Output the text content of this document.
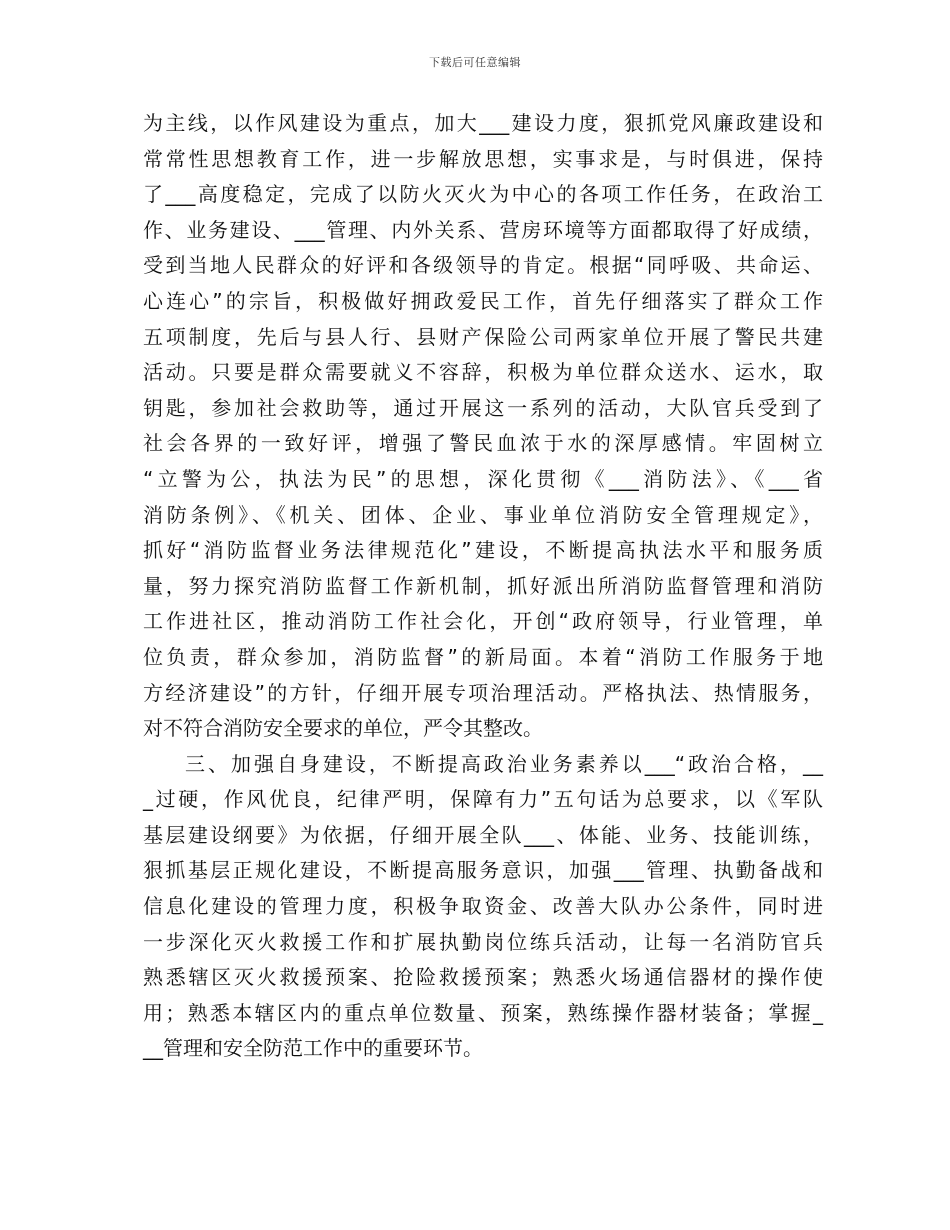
下载后可任意编辑
为主线，以作风建设为重点，加大___建设力度，狠抓党风廉政建设和
常常性思想教育工作，进一步解放思想，实事求是，与时俱进，保持
了___高度稳定，完成了以防火灭火为中心的各项工作任务，在政治工
作、业务建设、___管理、内外关系、营房环境等方面都取得了好成绩，
受到当地人民群众的好评和各级领导的肯定。根据“同呼吸、共命运、
心连心”的宗旨，积极做好拥政爱民工作，首先仔细落实了群众工作
五项制度，先后与县人行、县财产保险公司两家单位开展了警民共建
活动。只要是群众需要就义不容辞，积极为单位群众送水、运水，取
钥匙，参加社会救助等，通过开展这一系列的活动，大队官兵受到了
社会各界的一致好评，增强了警民血浓于水的深厚感情。牢固树立
“立警为公，执法为民”的思想，深化贯彻《___消防法》、《___省
消防条例》、《机关、团体、企业、事业单位消防安全管理规定》，
抓好“消防监督业务法律规范化”建设，不断提高执法水平和服务质
量，努力探究消防监督工作新机制，抓好派出所消防监督管理和消防
工作进社区，推动消防工作社会化，开创“政府领导，行业管理，单
位负责，群众参加，消防监督”的新局面。本着“消防工作服务于地
方经济建设”的方针，仔细开展专项治理活动。严格执法、热情服务，
对不符合消防安全要求的单位，严令其整改。
三、加强自身建设，不断提高政治业务素养以___“政治合格，__
_过硬，作风优良，纪律严明，保障有力”五句话为总要求，以《军队
基层建设纲要》为依据，仔细开展全队___、体能、业务、技能训练，
狠抓基层正规化建设，不断提高服务意识，加强___管理、执勤备战和
信息化建设的管理力度，积极争取资金、改善大队办公条件，同时进
一步深化灭火救援工作和扩展执勤岗位练兵活动，让每一名消防官兵
熟悉辖区灭火救援预案、抢险救援预案；熟悉火场通信器材的操作使
用；熟悉本辖区内的重点单位数量、预案，熟练操作器材装备；掌握_
__管理和安全防范工作中的重要环节。
